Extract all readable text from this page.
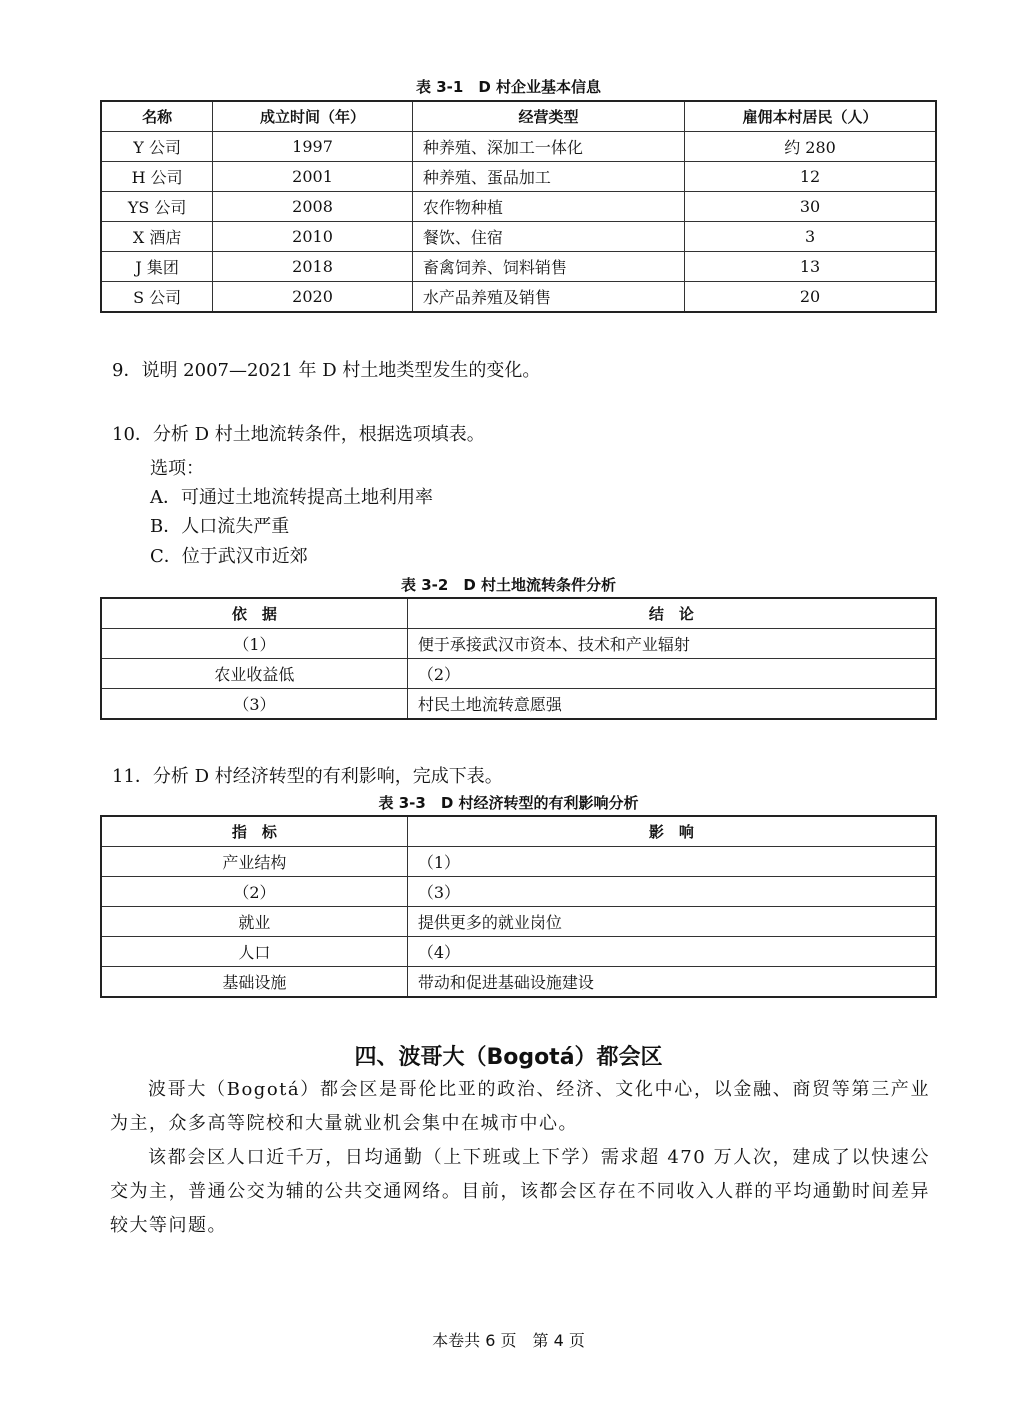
表 3-1　D 村企业基本信息
名称	成立时间（年）	经营类型	雇佣本村居民（人）
Y 公司	1997	种养殖、深加工一体化	约 280
H 公司	2001	种养殖、蛋品加工	12
YS 公司	2008	农作物种植	30
X 酒店	2010	餐饮、住宿	3
J 集团	2018	畜禽饲养、饲料销售	13
S 公司	2020	水产品养殖及销售	20
9．说明 2007—2021 年 D 村土地类型发生的变化。
10．分析 D 村土地流转条件，根据选项填表。
选项：
A．可通过土地流转提高土地利用率
B．人口流失严重
C．位于武汉市近郊
表 3-2　D 村土地流转条件分析
依　据	结　论
（1）	便于承接武汉市资本、技术和产业辐射
农业收益低	（2）
（3）	村民土地流转意愿强
11．分析 D 村经济转型的有利影响，完成下表。
表 3-3　D 村经济转型的有利影响分析
指　标	影　响
产业结构	（1）
（2）	（3）
就业	提供更多的就业岗位
人口	（4）
基础设施	带动和促进基础设施建设
四、波哥大（Bogotá）都会区
波哥大（Bogotá）都会区是哥伦比亚的政治、经济、文化中心，以金融、商贸等第三产业为主，众多高等院校和大量就业机会集中在城市中心。
该都会区人口近千万，日均通勤（上下班或上下学）需求超 470 万人次，建成了以快速公交为主，普通公交为辅的公共交通网络。目前，该都会区存在不同收入人群的平均通勤时间差异较大等问题。
本卷共 6 页　第 4 页
